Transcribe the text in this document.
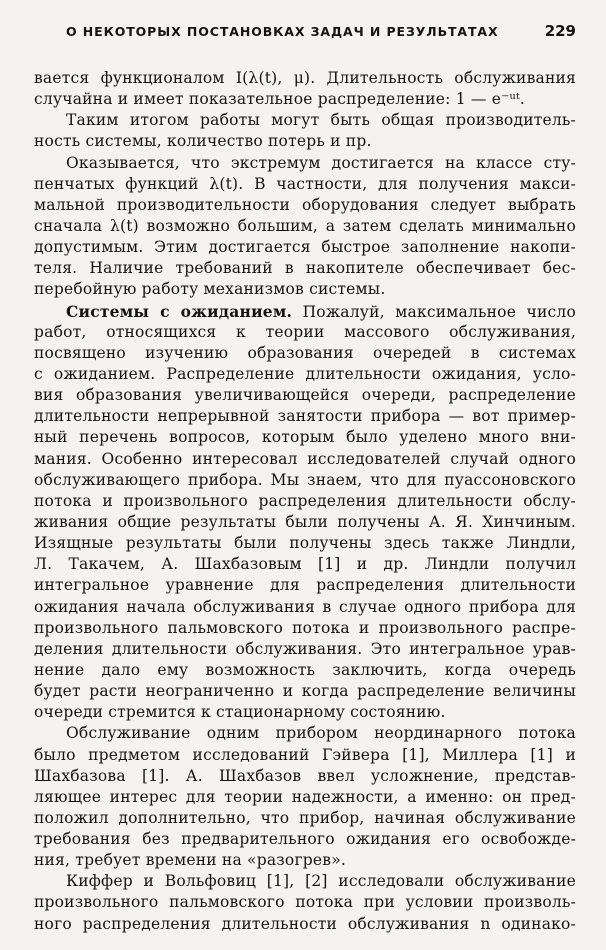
О НЕКОТОРЫХ ПОСТАНОВКАХ ЗАДАЧ И РЕЗУЛЬТАТАХ	229
вается функционалом I(λ(t), μ). Длительность обслуживания
случайна и имеет показательное распределение: 1 — e⁻ᵘᵗ.
Таким итогом работы могут быть общая производитель-
ность системы, количество потерь и пр.
Оказывается, что экстремум достигается на классе сту-
пенчатых функций λ(t). В частности, для получения макси-
мальной производительности оборудования следует выбрать
сначала λ(t) возможно большим, а затем сделать минимально
допустимым. Этим достигается быстрое заполнение накопи-
теля. Наличие требований в накопителе обеспечивает бес-
перебойную работу механизмов системы.
Системы с ожиданием. Пожалуй, максимальное число
работ, относящихся к теории массового обслуживания,
посвящено изучению образования очередей в системах
с ожиданием. Распределение длительности ожидания, усло-
вия образования увеличивающейся очереди, распределение
длительности непрерывной занятости прибора — вот пример-
ный перечень вопросов, которым было уделено много вни-
мания. Особенно интересовал исследователей случай одного
обслуживающего прибора. Мы знаем, что для пуассоновского
потока и произвольного распределения длительности обслу-
живания общие результаты были получены А. Я. Хинчиным.
Изящные результаты были получены здесь также Линдли,
Л. Такачем, А. Шахбазовым [1] и др. Линдли получил
интегральное уравнение для распределения длительности
ожидания начала обслуживания в случае одного прибора для
произвольного пальмовского потока и произвольного распре-
деления длительности обслуживания. Это интегральное урав-
нение дало ему возможность заключить, когда очередь
будет расти неограниченно и когда распределение величины
очереди стремится к стационарному состоянию.
Обслуживание одним прибором неординарного потока
было предметом исследований Гэйвера [1], Миллера [1] и
Шахбазова [1]. А. Шахбазов ввел усложнение, представ-
ляющее интерес для теории надежности, а именно: он пред-
положил дополнительно, что прибор, начиная обслуживание
требования без предварительного ожидания его освобожде-
ния, требует времени на «разогрев».
Киффер и Вольфовиц [1], [2] исследовали обслуживание
произвольного пальмовского потока при условии произволь-
ного распределения длительности обслуживания n одинако-
